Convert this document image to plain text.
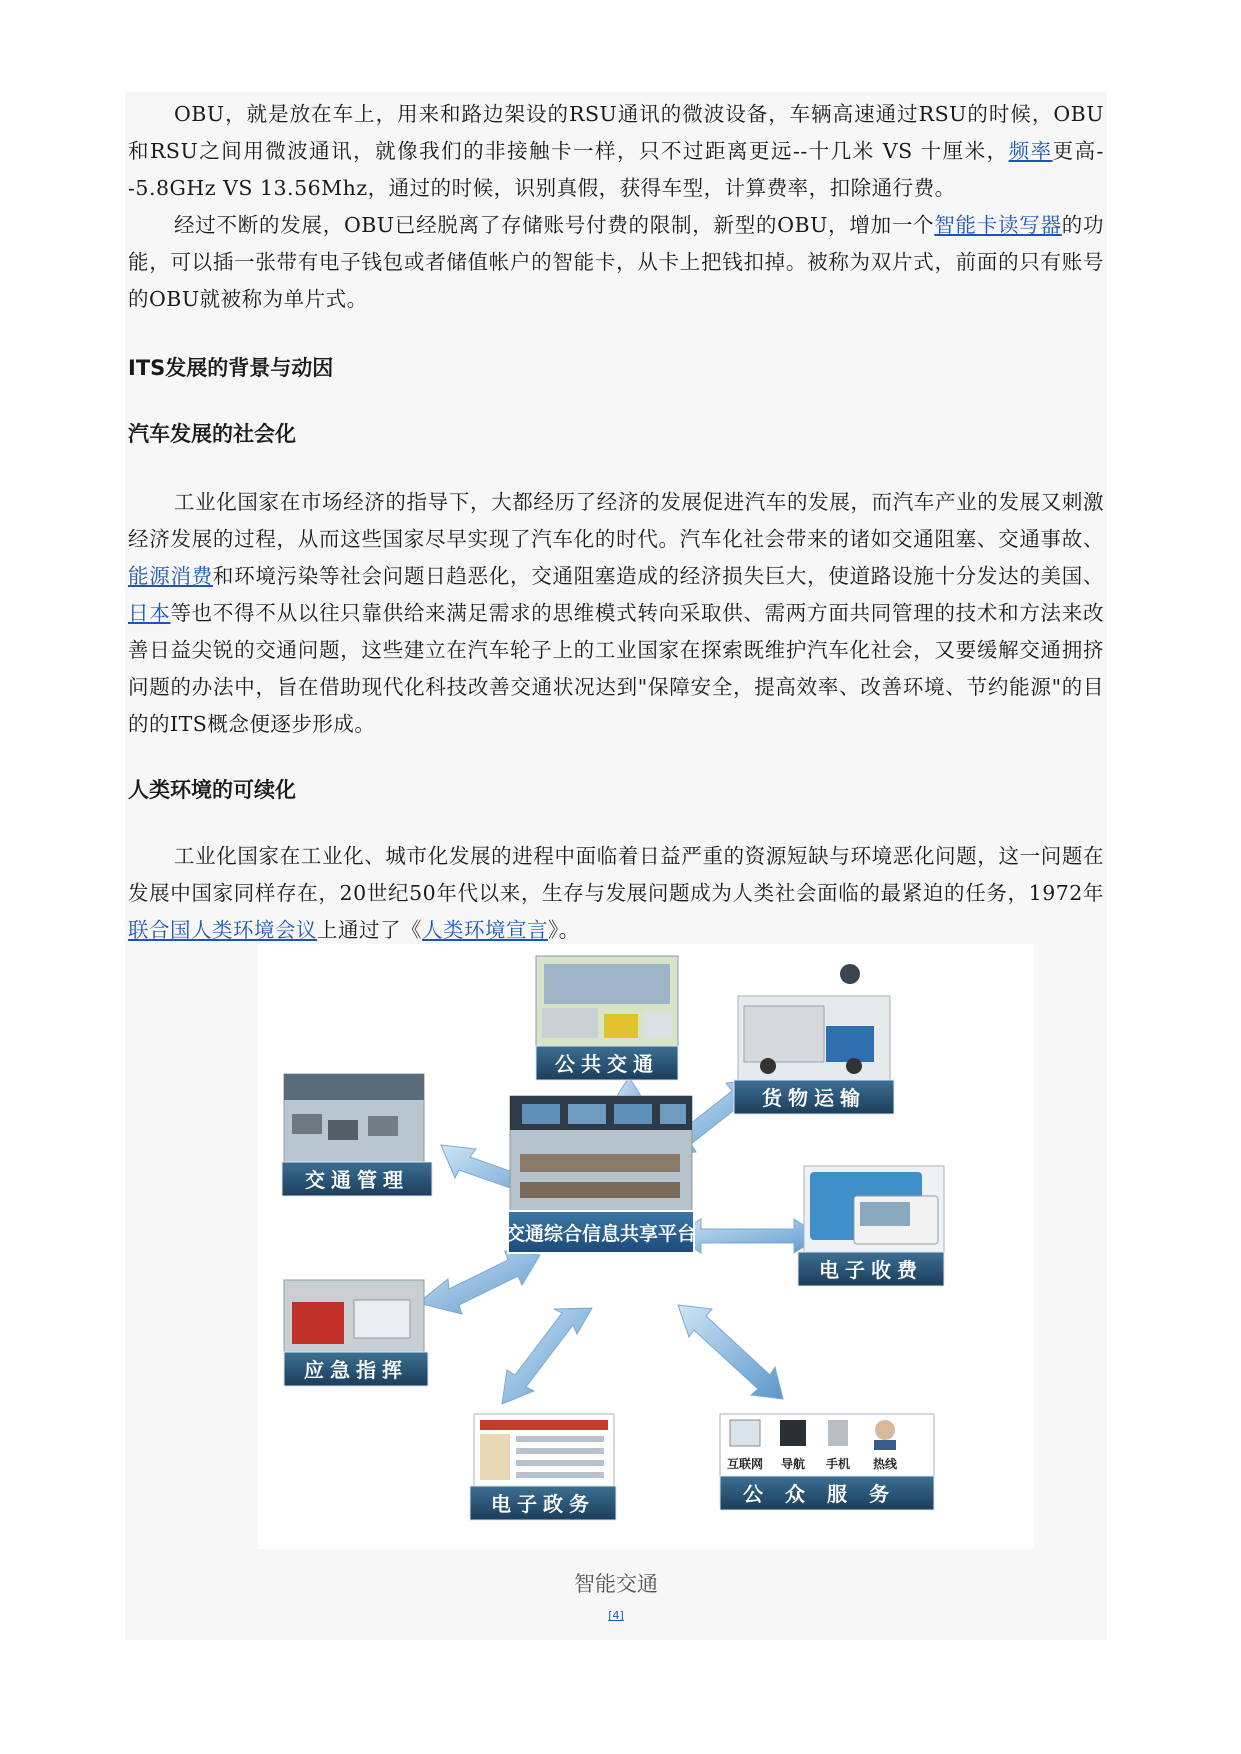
OBU，就是放在车上，用来和路边架设的RSU通讯的微波设备，车辆高速通过RSU的时候，OBU和RSU之间用微波通讯，就像我们的非接触卡一样，只不过距离更远--十几米 VS 十厘米，频率更高--5.8GHz VS 13.56Mhz，通过的时候，识别真假，获得车型，计算费率，扣除通行费。

经过不断的发展，OBU已经脱离了存储账号付费的限制，新型的OBU，增加一个智能卡读写器的功能，可以插一张带有电子钱包或者储值帐户的智能卡，从卡上把钱扣掉。被称为双片式，前面的只有账号的OBU就被称为单片式。

ITS发展的背景与动因
汽车发展的社会化

工业化国家在市场经济的指导下，大都经历了经济的发展促进汽车的发展，而汽车产业的发展又刺激经济发展的过程，从而这些国家尽早实现了汽车化的时代。汽车化社会带来的诸如交通阻塞、交通事故、能源消费和环境污染等社会问题日趋恶化，交通阻塞造成的经济损失巨大，使道路设施十分发达的美国、日本等也不得不从以往只靠供给来满足需求的思维模式转向采取供、需两方面共同管理的技术和方法来改善日益尖锐的交通问题，这些建立在汽车轮子上的工业国家在探索既维护汽车化社会，又要缓解交通拥挤问题的办法中，旨在借助现代化科技改善交通状况达到"保障安全，提高效率、改善环境、节约能源"的目的的ITS概念便逐步形成。

人类环境的可续化

工业化国家在工业化、城市化发展的进程中面临着日益严重的资源短缺与环境恶化问题，这一问题在发展中国家同样存在，20世纪50年代以来，生存与发展问题成为人类社会面临的最紧迫的任务，1972年联合国人类环境会议上通过了《人类环境宣言》。

交通综合信息共享平台
公共交通
货物运输
交通管理
电子收费
应急指挥
电子政务
互联网 导航 手机 热线
公众服务
智能交通
[4]
